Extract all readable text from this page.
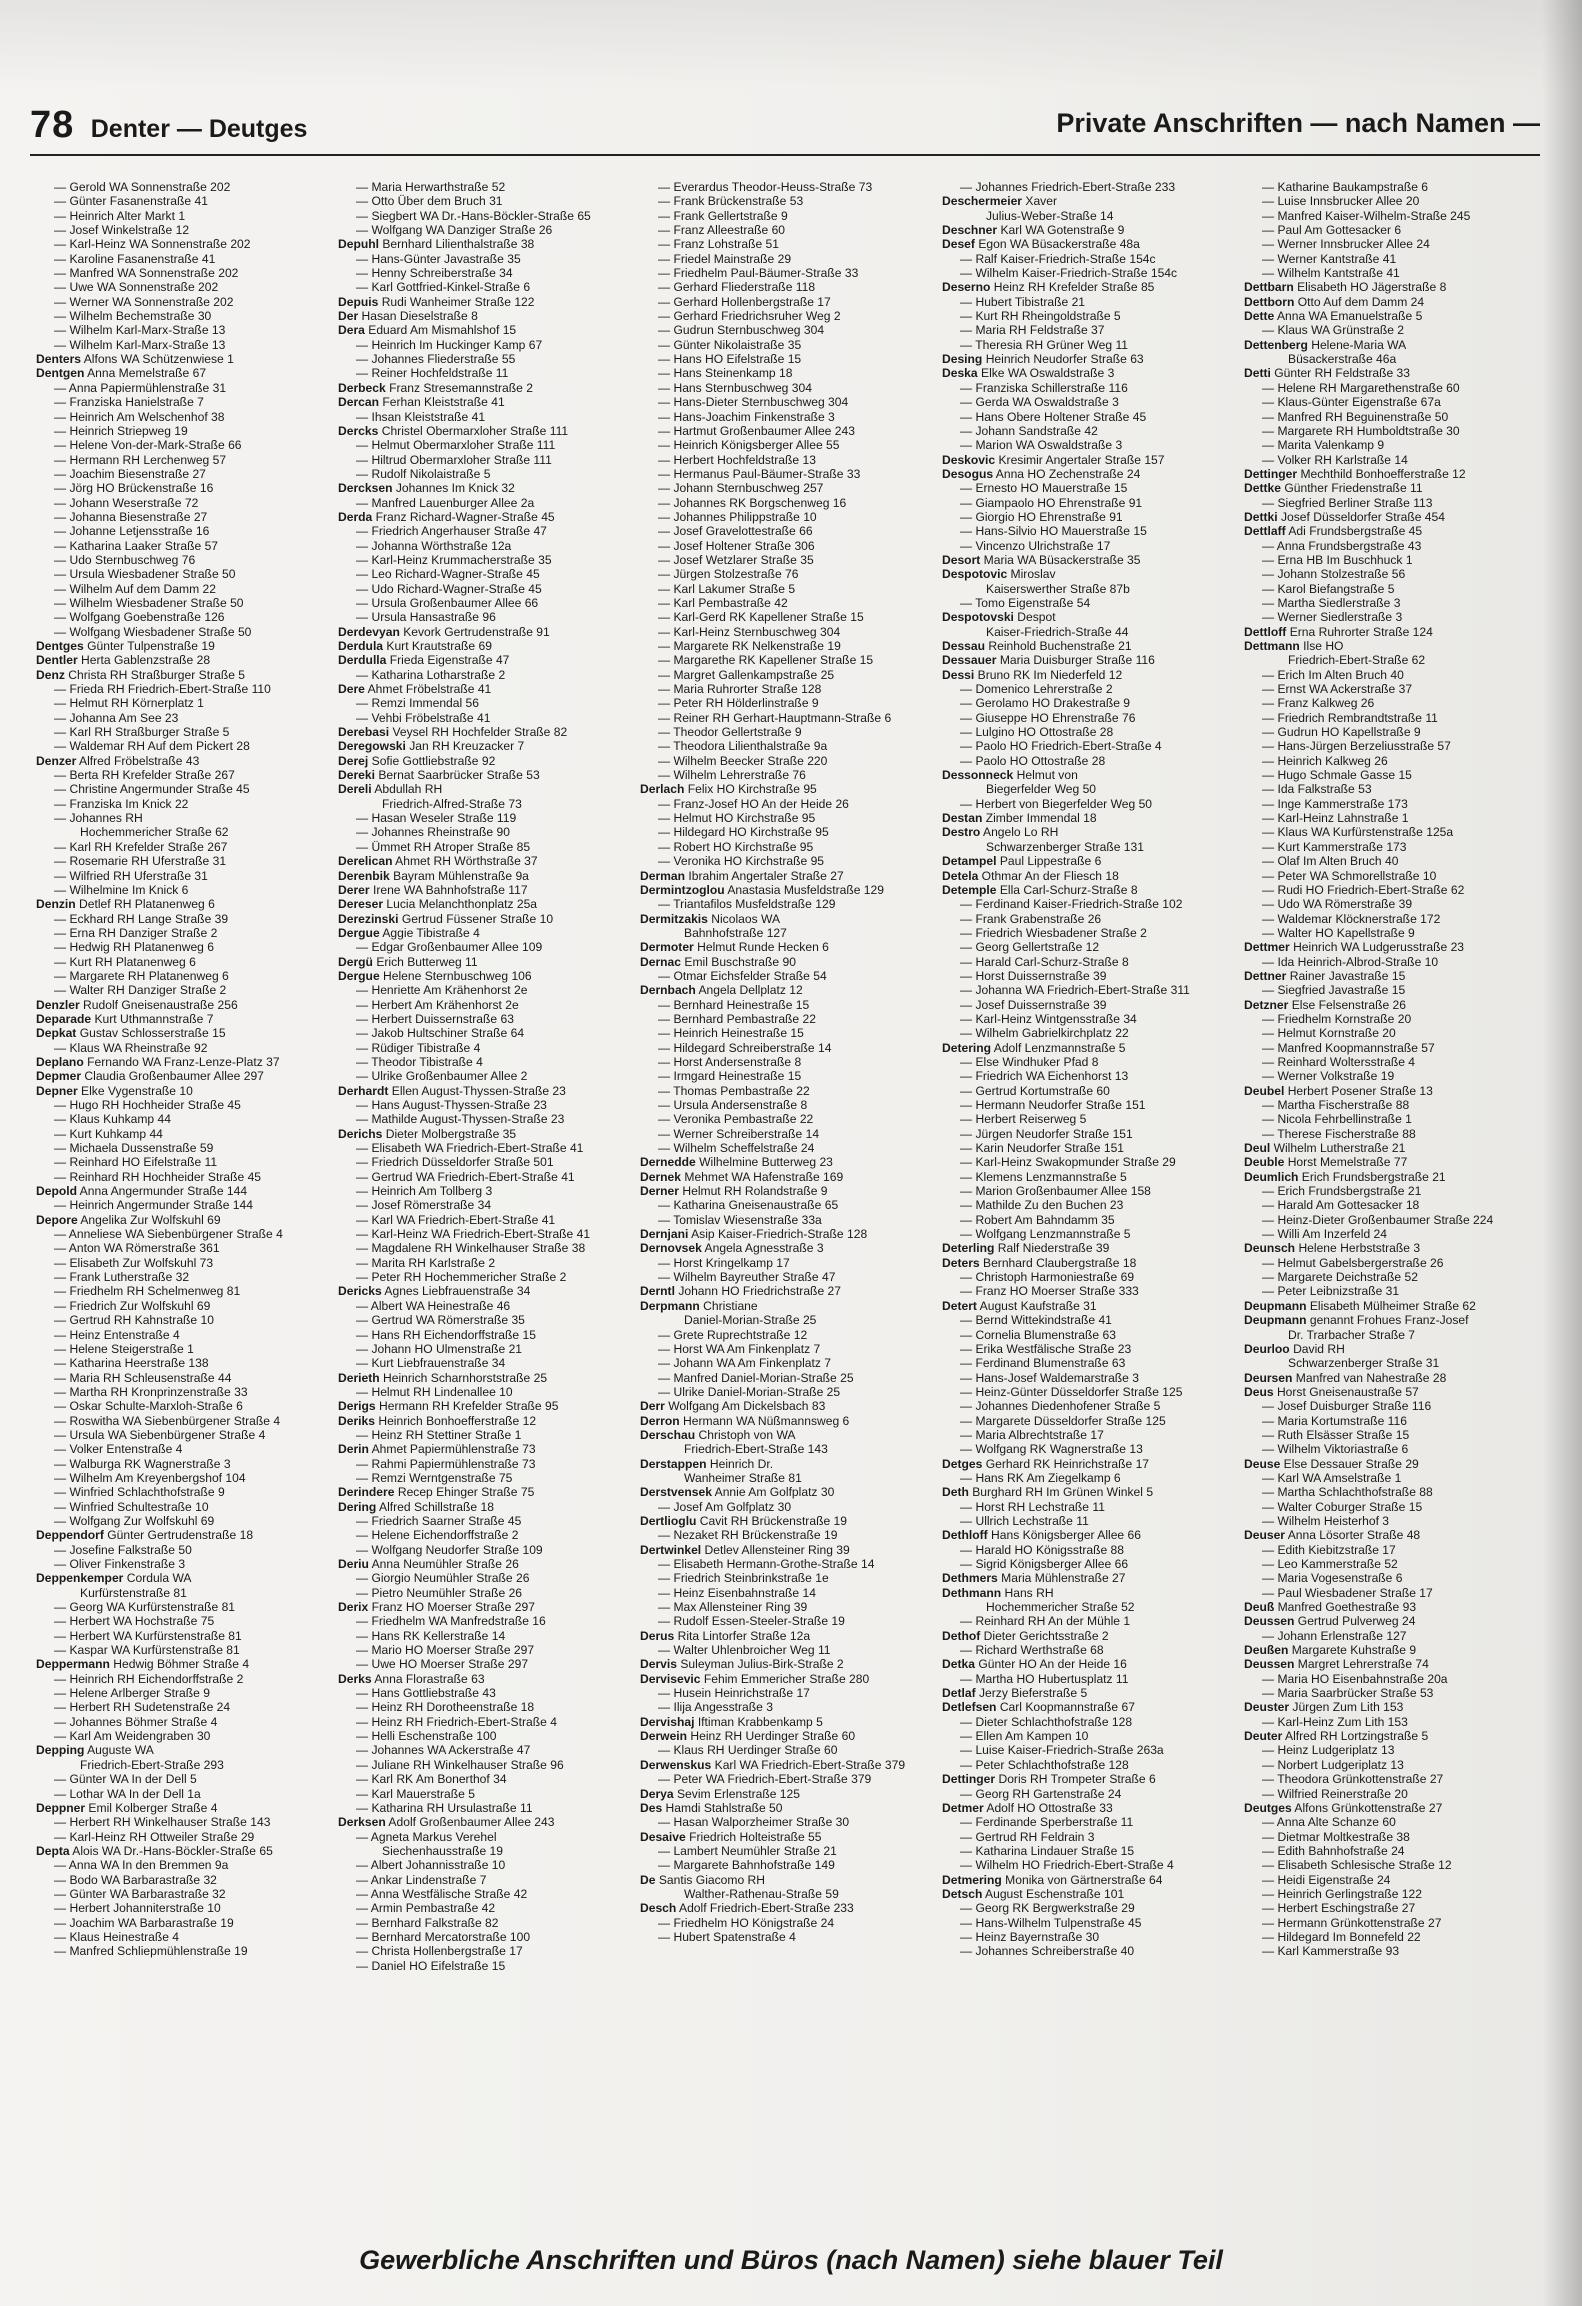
78 Denter — Deutges	Private Anschriften — nach Namen —
— Gerold WA Sonnenstraße 202
— Günter Fasanenstraße 41
— Heinrich Alter Markt 1
— Josef Winkelstraße 12
— Karl-Heinz WA Sonnenstraße 202
— Karoline Fasanenstraße 41
— Manfred WA Sonnenstraße 202
— Uwe WA Sonnenstraße 202
— Werner WA Sonnenstraße 202
— Wilhelm Bechemstraße 30
— Wilhelm Karl-Marx-Straße 13
— Wilhelm Karl-Marx-Straße 13
Denters Alfons WA Schützenwiese 1
Dentgen Anna Memelstraße 67
— Anna Papiermühlenstraße 31
— Franziska Hanielstraße 7
— Heinrich Am Welschenhof 38
— Heinrich Striepweg 19
— Helene Von-der-Mark-Straße 66
— Hermann RH Lerchenweg 57
— Joachim Biesenstraße 27
— Jörg HO Brückenstraße 16
— Johann Weserstraße 72
— Johanna Biesenstraße 27
— Johanne Letjensstraße 16
— Katharina Laaker Straße 57
— Udo Sternbuschweg 76
— Ursula Wiesbadener Straße 50
— Wilhelm Auf dem Damm 22
— Wilhelm Wiesbadener Straße 50
— Wolfgang Goebenstraße 126
— Wolfgang Wiesbadener Straße 50
Dentges Günter Tulpenstraße 19
Dentler Herta Gablenzstraße 28
Denz Christa RH Straßburger Straße 5
— Frieda RH Friedrich-Ebert-Straße 110
— Helmut RH Körnerplatz 1
— Johanna Am See 23
— Karl RH Straßburger Straße 5
— Waldemar RH Auf dem Pickert 28
Denzer Alfred Fröbelstraße 43
— Berta RH Krefelder Straße 267
— Christine Angermunder Straße 45
— Franziska Im Knick 22
— Johannes RH
Hochemmericher Straße 62
— Karl RH Krefelder Straße 267
— Rosemarie RH Uferstraße 31
— Wilfried RH Uferstraße 31
— Wilhelmine Im Knick 6
Denzin Detlef RH Platanenweg 6
— Eckhard RH Lange Straße 39
— Erna RH Danziger Straße 2
— Hedwig RH Platanenweg 6
— Kurt RH Platanenweg 6
— Margarete RH Platanenweg 6
— Walter RH Danziger Straße 2
Denzler Rudolf Gneisenaustraße 256
Deparade Kurt Uthmannstraße 7
Depkat Gustav Schlosserstraße 15
— Klaus WA Rheinstraße 92
Deplano Fernando WA Franz-Lenze-Platz 37
Depmer Claudia Großenbaumer Allee 297
Depner Elke Vygenstraße 10
— Hugo RH Hochheider Straße 45
— Klaus Kuhkamp 44
— Kurt Kuhkamp 44
— Michaela Dussenstraße 59
— Reinhard HO Eifelstraße 11
— Reinhard RH Hochheider Straße 45
Depold Anna Angermunder Straße 144
— Heinrich Angermunder Straße 144
Depore Angelika Zur Wolfskuhl 69
— Anneliese WA Siebenbürgener Straße 4
— Anton WA Römerstraße 361
— Elisabeth Zur Wolfskuhl 73
— Frank Lutherstraße 32
— Friedhelm RH Schelmenweg 81
— Friedrich Zur Wolfskuhl 69
— Gertrud RH Kahnstraße 10
— Heinz Entenstraße 4
— Helene Steigerstraße 1
— Katharina Heerstraße 138
— Maria RH Schleusenstraße 44
— Martha RH Kronprinzenstraße 33
— Oskar Schulte-Marxloh-Straße 6
— Roswitha WA Siebenbürgener Straße 4
— Ursula WA Siebenbürgener Straße 4
— Volker Entenstraße 4
— Walburga RK Wagnerstraße 3
— Wilhelm Am Kreyenbergshof 104
— Winfried Schlachthofstraße 9
— Winfried Schultestraße 10
— Wolfgang Zur Wolfskuhl 69
Deppendorf Günter Gertrudenstraße 18
— Josefine Falkstraße 50
— Oliver Finkenstraße 3
Deppenkemper Cordula WA
Kurfürstenstraße 81
— Georg WA Kurfürstenstraße 81
— Herbert WA Hochstraße 75
— Herbert WA Kurfürstenstraße 81
— Kaspar WA Kurfürstenstraße 81
Deppermann Hedwig Böhmer Straße 4
— Heinrich RH Eichendorffstraße 2
— Helene Arlberger Straße 9
— Herbert RH Sudetenstraße 24
— Johannes Böhmer Straße 4
— Karl Am Weidengraben 30
Depping Auguste WA
Friedrich-Ebert-Straße 293
— Günter WA In der Dell 5
— Lothar WA In der Dell 1a
Deppner Emil Kolberger Straße 4
— Herbert RH Winkelhauser Straße 143
— Karl-Heinz RH Ottweiler Straße 29
Depta Alois WA Dr.-Hans-Böckler-Straße 65
— Anna WA In den Bremmen 9a
— Bodo WA Barbarastraße 32
— Günter WA Barbarastraße 32
— Herbert Johanniterstraße 10
— Joachim WA Barbarastraße 19
— Klaus Heinestraße 4
— Manfred Schliepmühlenstraße 19
— Maria Herwarthstraße 52
— Otto Über dem Bruch 31
— Siegbert WA Dr.-Hans-Böckler-Straße 65
— Wolfgang WA Danziger Straße 26
Depuhl Bernhard Lilienthalstraße 38
— Hans-Günter Javastraße 35
— Henny Schreiberstraße 34
— Karl Gottfried-Kinkel-Straße 6
Depuis Rudi Wanheimer Straße 122
Der Hasan Dieselstraße 8
Dera Eduard Am Mismahlshof 15
— Heinrich Im Huckinger Kamp 67
— Johannes Fliederstraße 55
— Reiner Hochfeldstraße 11
Derbeck Franz Stresemannstraße 2
Dercan Ferhan Kleiststraße 41
— Ihsan Kleiststraße 41
Dercks Christel Obermarxloher Straße 111
— Helmut Obermarxloher Straße 111
— Hiltrud Obermarxloher Straße 111
— Rudolf Nikolaistraße 5
Dercksen Johannes Im Knick 32
— Manfred Lauenburger Allee 2a
Derda Franz Richard-Wagner-Straße 45
— Friedrich Angerhauser Straße 47
— Johanna Wörthstraße 12a
— Karl-Heinz Krummacherstraße 35
— Leo Richard-Wagner-Straße 45
— Udo Richard-Wagner-Straße 45
— Ursula Großenbaumer Allee 66
— Ursula Hansastraße 96
Derdevyan Kevork Gertrudenstraße 91
Derdula Kurt Krautstraße 69
Derdulla Frieda Eigenstraße 47
— Katharina Lotharstraße 2
Dere Ahmet Fröbelstraße 41
— Remzi Immendal 56
— Vehbi Fröbelstraße 41
Derebasi Veysel RH Hochfelder Straße 82
Deregowski Jan RH Kreuzacker 7
Derej Sofie Gottliebstraße 92
Dereki Bernat Saarbrücker Straße 53
Dereli Abdullah RH
Friedrich-Alfred-Straße 73
— Hasan Weseler Straße 119
— Johannes Rheinstraße 90
— Ümmet RH Atroper Straße 85
Derelican Ahmet RH Wörthstraße 37
Derenbik Bayram Mühlenstraße 9a
Derer Irene WA Bahnhofstraße 117
Dereser Lucia Melanchthonplatz 25a
Derezinski Gertrud Füssener Straße 10
Dergue Aggie Tibistraße 4
— Edgar Großenbaumer Allee 109
Dergü Erich Butterweg 11
Dergue Helene Sternbuschweg 106
— Henriette Am Krähenhorst 2e
— Herbert Am Krähenhorst 2e
— Herbert Duissernstraße 63
— Jakob Hultschiner Straße 64
— Rüdiger Tibistraße 4
— Theodor Tibistraße 4
— Ulrike Großenbaumer Allee 2
Derhardt Ellen August-Thyssen-Straße 23
— Hans August-Thyssen-Straße 23
— Mathilde August-Thyssen-Straße 23
Derichs Dieter Molbergstraße 35
— Elisabeth WA Friedrich-Ebert-Straße 41
— Friedrich Düsseldorfer Straße 501
— Gertrud WA Friedrich-Ebert-Straße 41
— Heinrich Am Tollberg 3
— Josef Römerstraße 34
— Karl WA Friedrich-Ebert-Straße 41
— Karl-Heinz WA Friedrich-Ebert-Straße 41
— Magdalene RH Winkelhauser Straße 38
— Marita RH Karlstraße 2
— Peter RH Hochemmericher Straße 2
Dericks Agnes Liebfrauenstraße 34
— Albert WA Heinestraße 46
— Gertrud WA Römerstraße 35
— Hans RH Eichendorffstraße 15
— Johann HO Ulmenstraße 21
— Kurt Liebfrauenstraße 34
Derieth Heinrich Scharnhorststraße 25
— Helmut RH Lindenallee 10
Derigs Hermann RH Krefelder Straße 95
Deriks Heinrich Bonhoefferstraße 12
— Heinz RH Stettiner Straße 1
Derin Ahmet Papiermühlenstraße 73
— Rahmi Papiermühlenstraße 73
— Remzi Werntgenstraße 75
Derindere Recep Ehinger Straße 75
Dering Alfred Schillstraße 18
— Friedrich Saarner Straße 45
— Helene Eichendorffstraße 2
— Wolfgang Neudorfer Straße 109
Deriu Anna Neumühler Straße 26
— Giorgio Neumühler Straße 26
— Pietro Neumühler Straße 26
Derix Franz HO Moerser Straße 297
— Friedhelm WA Manfredstraße 16
— Hans RK Kellerstraße 14
— Mario HO Moerser Straße 297
— Uwe HO Moerser Straße 297
Derks Anna Florastraße 63
— Hans Gottliebstraße 43
— Heinz RH Dorotheenstraße 18
— Heinz RH Friedrich-Ebert-Straße 4
— Helli Eschenstraße 100
— Johannes WA Ackerstraße 47
— Juliane RH Winkelhauser Straße 96
— Karl RK Am Bonerthof 34
— Karl Mauerstraße 5
— Katharina RH Ursulastraße 11
Derksen Adolf Großenbaumer Allee 243
— Agneta Markus Verehel
Siechenhausstraße 19
— Albert Johannisstraße 10
— Ankar Lindenstraße 7
— Anna Westfälische Straße 42
— Armin Pembastraße 42
— Bernhard Falkstraße 82
— Bernhard Mercatorstraße 100
— Christa Hollenbergstraße 17
— Daniel HO Eifelstraße 15
— Everardus Theodor-Heuss-Straße 73
— Frank Brückenstraße 53
— Frank Gellertstraße 9
— Franz Alleestraße 60
— Franz Lohstraße 51
— Friedel Mainstraße 29
— Friedhelm Paul-Bäumer-Straße 33
— Gerhard Fliederstraße 118
— Gerhard Hollenbergstraße 17
— Gerhard Friedrichsruher Weg 2
— Gudrun Sternbuschweg 304
— Günter Nikolaistraße 35
— Hans HO Eifelstraße 15
— Hans Steinenkamp 18
— Hans Sternbuschweg 304
— Hans-Dieter Sternbuschweg 304
— Hans-Joachim Finkenstraße 3
— Hartmut Großenbaumer Allee 243
— Heinrich Königsberger Allee 55
— Herbert Hochfeldstraße 13
— Hermanus Paul-Bäumer-Straße 33
— Johann Sternbuschweg 257
— Johannes RK Borgschenweg 16
— Johannes Philippstraße 10
— Josef Gravelottestraße 66
— Josef Holtener Straße 306
— Josef Wetzlarer Straße 35
— Jürgen Stolzestraße 76
— Karl Lakumer Straße 5
— Karl Pembastraße 42
— Karl-Gerd RK Kapellener Straße 15
— Karl-Heinz Sternbuschweg 304
— Margarete RK Nelkenstraße 19
— Margarethe RK Kapellener Straße 15
— Margret Gallenkampstraße 25
— Maria Ruhrorter Straße 128
— Peter RH Hölderlinstraße 9
— Reiner RH Gerhart-Hauptmann-Straße 6
— Theodor Gellertstraße 9
— Theodora Lilienthalstraße 9a
— Wilhelm Beecker Straße 220
— Wilhelm Lehrerstraße 76
Derlach Felix HO Kirchstraße 95
— Franz-Josef HO An der Heide 26
— Helmut HO Kirchstraße 95
— Hildegard HO Kirchstraße 95
— Robert HO Kirchstraße 95
— Veronika HO Kirchstraße 95
Derman Ibrahim Angertaler Straße 27
Dermintzoglou Anastasia Musfeldstraße 129
— Triantafilos Musfeldstraße 129
Dermitzakis Nicolaos WA
Bahnhofstraße 127
Dermoter Helmut Runde Hecken 6
Dernac Emil Buschstraße 90
— Otmar Eichsfelder Straße 54
Dernbach Angela Dellplatz 12
— Bernhard Heinestraße 15
— Bernhard Pembastraße 22
— Heinrich Heinestraße 15
— Hildegard Schreiberstraße 14
— Horst Andersenstraße 8
— Irmgard Heinestraße 15
— Thomas Pembastraße 22
— Ursula Andersenstraße 8
— Veronika Pembastraße 22
— Werner Schreiberstraße 14
— Wilhelm Scheffelstraße 24
Dernedde Wilhelmine Butterweg 23
Dernek Mehmet WA Hafenstraße 169
Derner Helmut RH Rolandstraße 9
— Katharina Gneisenaustraße 65
— Tomislav Wiesenstraße 33a
Dernjani Asip Kaiser-Friedrich-Straße 128
Dernovsek Angela Agnesstraße 3
— Horst Kringelkamp 17
— Wilhelm Bayreuther Straße 47
Derntl Johann HO Friedrichstraße 27
Derpmann Christiane
Daniel-Morian-Straße 25
— Grete Ruprechtstraße 12
— Horst WA Am Finkenplatz 7
— Johann WA Am Finkenplatz 7
— Manfred Daniel-Morian-Straße 25
— Ulrike Daniel-Morian-Straße 25
Derr Wolfgang Am Dickelsbach 83
Derron Hermann WA Nüßmannsweg 6
Derschau Christoph von WA
Friedrich-Ebert-Straße 143
Derstappen Heinrich Dr.
Wanheimer Straße 81
Derstvensek Annie Am Golfplatz 30
— Josef Am Golfplatz 30
Dertlioglu Cavit RH Brückenstraße 19
— Nezaket RH Brückenstraße 19
Dertwinkel Detlev Allensteiner Ring 39
— Elisabeth Hermann-Grothe-Straße 14
— Friedrich Steinbrinkstraße 1e
— Heinz Eisenbahnstraße 14
— Max Allensteiner Ring 39
— Rudolf Essen-Steeler-Straße 19
Derus Rita Lintorfer Straße 12a
— Walter Uhlenbroicher Weg 11
Dervis Suleyman Julius-Birk-Straße 2
Dervisevic Fehim Emmericher Straße 280
— Husein Heinrichstraße 17
— Ilija Angesstraße 3
Dervishaj Iftiman Krabbenkamp 5
Derwein Heinz RH Uerdinger Straße 60
— Klaus RH Uerdinger Straße 60
Derwenskus Karl WA Friedrich-Ebert-Straße 379
— Peter WA Friedrich-Ebert-Straße 379
Derya Sevim Erlenstraße 125
Des Hamdi Stahlstraße 50
— Hasan Walporzheimer Straße 30
Desaive Friedrich Holteistraße 55
— Lambert Neumühler Straße 21
— Margarete Bahnhofstraße 149
De Santis Giacomo RH
Walther-Rathenau-Straße 59
Desch Adolf Friedrich-Ebert-Straße 233
— Friedhelm HO Königstraße 24
— Hubert Spatenstraße 4
— Johannes Friedrich-Ebert-Straße 233
Deschermeier Xaver
Julius-Weber-Straße 14
Deschner Karl WA Gotenstraße 9
Desef Egon WA Büsackerstraße 48a
— Ralf Kaiser-Friedrich-Straße 154c
— Wilhelm Kaiser-Friedrich-Straße 154c
Deserno Heinz RH Krefelder Straße 85
— Hubert Tibistraße 21
— Kurt RH Rheingoldstraße 5
— Maria RH Feldstraße 37
— Theresia RH Grüner Weg 11
Desing Heinrich Neudorfer Straße 63
Deska Elke WA Oswaldstraße 3
— Franziska Schillerstraße 116
— Gerda WA Oswaldstraße 3
— Hans Obere Holtener Straße 45
— Johann Sandstraße 42
— Marion WA Oswaldstraße 3
Deskovic Kresimir Angertaler Straße 157
Desogus Anna HO Zechenstraße 24
— Ernesto HO Mauerstraße 15
— Giampaolo HO Ehrenstraße 91
— Giorgio HO Ehrenstraße 91
— Hans-Silvio HO Mauerstraße 15
— Vincenzo Ulrichstraße 17
Desort Maria WA Büsackerstraße 35
Despotovic Miroslav
Kaiserswerther Straße 87b
— Tomo Eigenstraße 54
Despotovski Despot
Kaiser-Friedrich-Straße 44
Dessau Reinhold Buchenstraße 21
Dessauer Maria Duisburger Straße 116
Dessi Bruno RK Im Niederfeld 12
— Domenico Lehrerstraße 2
— Gerolamo HO Drakestraße 9
— Giuseppe HO Ehrenstraße 76
— Lulgino HO Ottostraße 28
— Paolo HO Friedrich-Ebert-Straße 4
— Paolo HO Ottostraße 28
Dessonneck Helmut von
Biegerfelder Weg 50
— Herbert von Biegerfelder Weg 50
Destan Zimber Immendal 18
Destro Angelo Lo RH
Schwarzenberger Straße 131
Detampel Paul Lippestraße 6
Detela Othmar An der Fliesch 18
Detemple Ella Carl-Schurz-Straße 8
— Ferdinand Kaiser-Friedrich-Straße 102
— Frank Grabenstraße 26
— Friedrich Wiesbadener Straße 2
— Georg Gellertstraße 12
— Harald Carl-Schurz-Straße 8
— Horst Duissernstraße 39
— Johanna WA Friedrich-Ebert-Straße 311
— Josef Duissernstraße 39
— Karl-Heinz Wintgensstraße 34
— Wilhelm Gabrielkirchplatz 22
Detering Adolf Lenzmannstraße 5
— Else Windhuker Pfad 8
— Friedrich WA Eichenhorst 13
— Gertrud Kortumstraße 60
— Hermann Neudorfer Straße 151
— Herbert Reiserweg 5
— Jürgen Neudorfer Straße 151
— Karin Neudorfer Straße 151
— Karl-Heinz Swakopmunder Straße 29
— Klemens Lenzmannstraße 5
— Marion Großenbaumer Allee 158
— Mathilde Zu den Buchen 23
— Robert Am Bahndamm 35
— Wolfgang Lenzmannstraße 5
Deterling Ralf Niederstraße 39
Deters Bernhard Claubergstraße 18
— Christoph Harmoniestraße 69
— Franz HO Moerser Straße 333
Detert August Kaufstraße 31
— Bernd Wittekindstraße 41
— Cornelia Blumenstraße 63
— Erika Westfälische Straße 23
— Ferdinand Blumenstraße 63
— Hans-Josef Waldemarstraße 3
— Heinz-Günter Düsseldorfer Straße 125
— Johannes Diedenhofener Straße 5
— Margarete Düsseldorfer Straße 125
— Maria Albrechtstraße 17
— Wolfgang RK Wagnerstraße 13
Detges Gerhard RK Heinrichstraße 17
— Hans RK Am Ziegelkamp 6
Deth Burghard RH Im Grünen Winkel 5
— Horst RH Lechstraße 11
— Ullrich Lechstraße 11
Dethloff Hans Königsberger Allee 66
— Harald HO Königsstraße 88
— Sigrid Königsberger Allee 66
Dethmers Maria Mühlenstraße 27
Dethmann Hans RH
Hochemmericher Straße 52
— Reinhard RH An der Mühle 1
Dethof Dieter Gerichtsstraße 2
— Richard Werthstraße 68
Detka Günter HO An der Heide 16
— Martha HO Hubertusplatz 11
Detlaf Jerzy Bieferstraße 5
Detlefsen Carl Koopmannstraße 67
— Dieter Schlachthofstraße 128
— Ellen Am Kampen 10
— Luise Kaiser-Friedrich-Straße 263a
— Peter Schlachthofstraße 128
Dettinger Doris RH Trompeter Straße 6
— Georg RH Gartenstraße 24
Detmer Adolf HO Ottostraße 33
— Ferdinande Sperberstraße 11
— Gertrud RH Feldrain 3
— Katharina Lindauer Straße 15
— Wilhelm HO Friedrich-Ebert-Straße 4
Detmering Monika von Gärtnerstraße 64
Detsch August Eschenstraße 101
— Georg RK Bergwerkstraße 29
— Hans-Wilhelm Tulpenstraße 45
— Heinz Bayernstraße 30
— Johannes Schreiberstraße 40
— Katharine Baukampstraße 6
— Luise Innsbrucker Allee 20
— Manfred Kaiser-Wilhelm-Straße 245
— Paul Am Gottesacker 6
— Werner Innsbrucker Allee 24
— Werner Kantstraße 41
— Wilhelm Kantstraße 41
Dettbarn Elisabeth HO Jägerstraße 8
Dettborn Otto Auf dem Damm 24
Dette Anna WA Emanuelstraße 5
— Klaus WA Grünstraße 2
Dettenberg Helene-Maria WA
Büsackerstraße 46a
Detti Günter RH Feldstraße 33
— Helene RH Margarethenstraße 60
— Klaus-Günter Eigenstraße 67a
— Manfred RH Beguinenstraße 50
— Margarete RH Humboldtstraße 30
— Marita Valenkamp 9
— Volker RH Karlstraße 14
Dettinger Mechthild Bonhoefferstraße 12
Dettke Günther Friedenstraße 11
— Siegfried Berliner Straße 113
Dettki Josef Düsseldorfer Straße 454
Dettlaff Adi Frundsbergstraße 45
— Anna Frundsbergstraße 43
— Erna HB Im Buschhuck 1
— Johann Stolzestraße 56
— Karol Biefangstraße 5
— Martha Siedlerstraße 3
— Werner Siedlerstraße 3
Dettloff Erna Ruhrorter Straße 124
Dettmann Ilse HO
Friedrich-Ebert-Straße 62
— Erich Im Alten Bruch 40
— Ernst WA Ackerstraße 37
— Franz Kalkweg 26
— Friedrich Rembrandtstraße 11
— Gudrun HO Kapellstraße 9
— Hans-Jürgen Berzeliusstraße 57
— Heinrich Kalkweg 26
— Hugo Schmale Gasse 15
— Ida Falkstraße 53
— Inge Kammerstraße 173
— Karl-Heinz Lahnstraße 1
— Klaus WA Kurfürstenstraße 125a
— Kurt Kammerstraße 173
— Olaf Im Alten Bruch 40
— Peter WA Schmorellstraße 10
— Rudi HO Friedrich-Ebert-Straße 62
— Udo WA Römerstraße 39
— Waldemar Klöcknerstraße 172
— Walter HO Kapellstraße 9
Dettmer Heinrich WA Ludgerusstraße 23
— Ida Heinrich-Albrod-Straße 10
Dettner Rainer Javastraße 15
— Siegfried Javastraße 15
Detzner Else Felsenstraße 26
— Friedhelm Kornstraße 20
— Helmut Kornstraße 20
— Manfred Koopmannstraße 57
— Reinhard Woltersstraße 4
— Werner Volkstraße 19
Deubel Herbert Posener Straße 13
— Martha Fischerstraße 88
— Nicola Fehrbellinstraße 1
— Therese Fischerstraße 88
Deul Wilhelm Lutherstraße 21
Deuble Horst Memelstraße 77
Deumlich Erich Frundsbergstraße 21
— Erich Frundsbergstraße 21
— Harald Am Gottesacker 18
— Heinz-Dieter Großenbaumer Straße 224
— Willi Am Inzerfeld 24
Deunsch Helene Herbststraße 3
— Helmut Gabelsbergerstraße 26
— Margarete Deichstraße 52
— Peter Leibnizstraße 31
Deupmann Elisabeth Mülheimer Straße 62
Deupmann genannt Frohues Franz-Josef
Dr. Trarbacher Straße 7
Deurloo David RH
Schwarzenberger Straße 31
Deursen Manfred van Nahestraße 28
Deus Horst Gneisenaustraße 57
— Josef Duisburger Straße 116
— Maria Kortumstraße 116
— Ruth Elsässer Straße 15
— Wilhelm Viktoriastraße 6
Deuse Else Dessauer Straße 29
— Karl WA Amselstraße 1
— Martha Schlachthofstraße 88
— Walter Coburger Straße 15
— Wilhelm Heisterhof 3
Deuser Anna Lösorter Straße 48
— Edith Kiebitzstraße 17
— Leo Kammerstraße 52
— Maria Vogesenstraße 6
— Paul Wiesbadener Straße 17
Deuß Manfred Goethestraße 93
Deussen Gertrud Pulverweg 24
— Johann Erlenstraße 127
Deußen Margarete Kuhstraße 9
Deussen Margret Lehrerstraße 74
— Maria HO Eisenbahnstraße 20a
— Maria Saarbrücker Straße 53
Deuster Jürgen Zum Lith 153
— Karl-Heinz Zum Lith 153
Deuter Alfred RH Lortzingstraße 5
— Heinz Ludgeriplatz 13
— Norbert Ludgeriplatz 13
— Theodora Grünkottenstraße 27
— Wilfried Reinerstraße 20
Deutges Alfons Grünkottenstraße 27
— Anna Alte Schanze 60
— Dietmar Moltkestraße 38
— Edith Bahnhofstraße 24
— Elisabeth Schlesische Straße 12
— Heidi Eigenstraße 24
— Heinrich Gerlingstraße 122
— Herbert Eschingstraße 27
— Hermann Grünkottenstraße 27
— Hildegard Im Bonnefeld 22
— Karl Kammerstraße 93
Gewerbliche Anschriften und Büros (nach Namen) siehe blauer Teil
